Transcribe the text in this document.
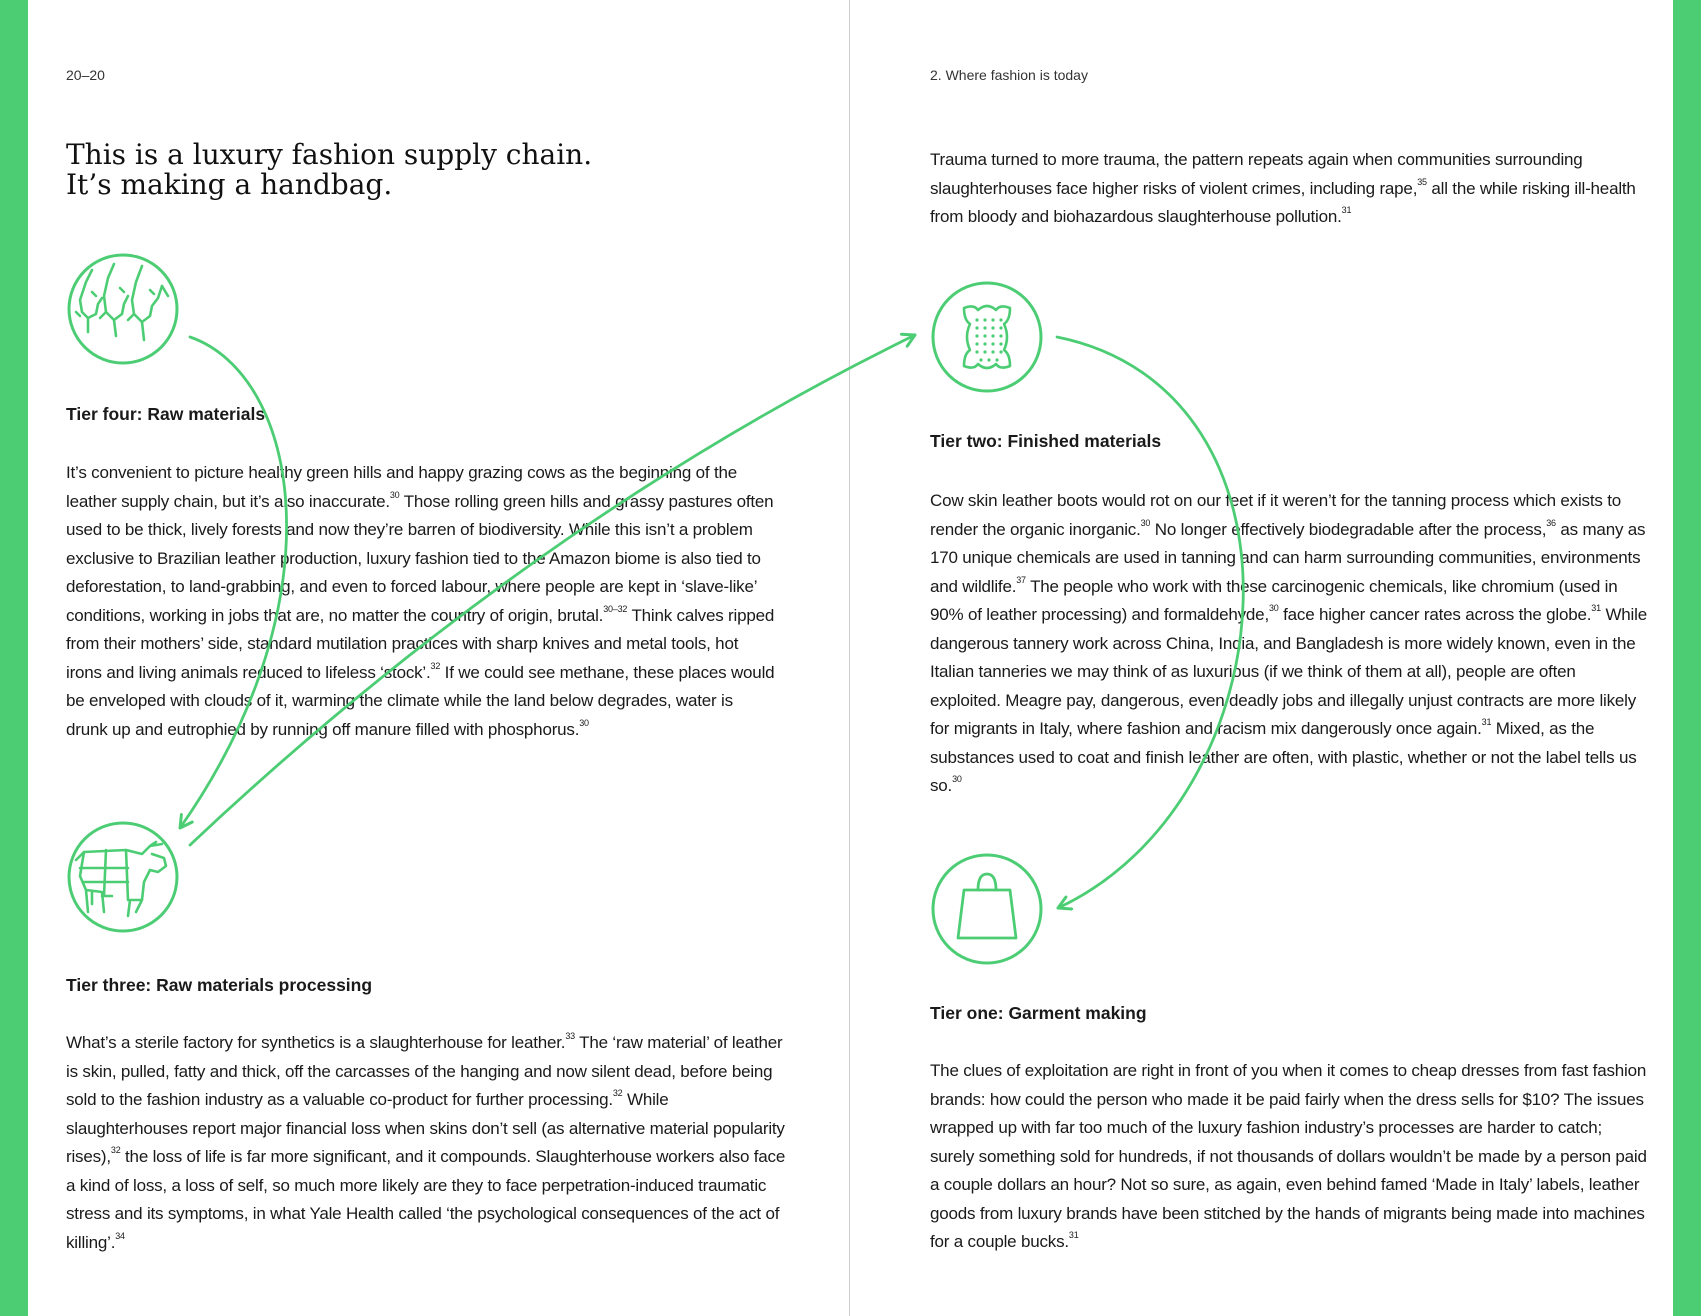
20–20
This is a luxury fashion supply chain.
It’s making a handbag.
Tier four: Raw materials

It’s convenient to picture healthy green hills and happy grazing cows as the beginning of the leather supply chain, but it’s also inaccurate.$^{30}$ Those rolling green hills and grassy pastures often used to be thick, lively forests and now they’re barren of biodiversity. While this isn’t a problem exclusive to Brazilian leather production, luxury fashion tied to the Amazon biome is also tied to deforestation, to land-grabbing, and even to forced labour, where people are kept in ‘slave-like’ conditions, working in jobs that are, no matter the country of origin, brutal.$^{30-32}$ Think calves ripped from their mothers’ side, standard mutilation practices with sharp knives and metal tools, hot irons and living animals reduced to lifeless ‘stock’.$^{32}$ If we could see methane, these places would be enveloped with clouds of it, warming the climate while the land below degrades, water is drunk up and eutrophied by running off manure filled with phosphorus.$^{30}$

Tier three: Raw materials processing

What’s a sterile factory for synthetics is a slaughterhouse for leather.$^{33}$ The ‘raw material’ of leather is skin, pulled, fatty and thick, off the carcasses of the hanging and now silent dead, before being sold to the fashion industry as a valuable co-product for further processing.$^{32}$ While slaughterhouses report major financial loss when skins don’t sell (as alternative material popularity rises),$^{32}$ the loss of life is far more significant, and it compounds. Slaughterhouse workers also face a kind of loss, a loss of self, so much more likely are they to face perpetration-induced traumatic stress and its symptoms, in what Yale Health called ‘the psychological consequences of the act of killing’.$^{34}$

2. Where fashion is today

Trauma turned to more trauma, the pattern repeats again when communities surrounding slaughterhouses face higher risks of violent crimes, including rape,$^{35}$ all the while risking ill-health from bloody and biohazardous slaughterhouse pollution.$^{31}$

Tier two: Finished materials

Cow skin leather boots would rot on our feet if it weren’t for the tanning process which exists to render the organic inorganic.$^{30}$ No longer effectively biodegradable after the process,$^{36}$ as many as 170 unique chemicals are used in tanning and can harm surrounding communities, environments and wildlife.$^{37}$ The people who work with these carcinogenic chemicals, like chromium (used in 90% of leather processing) and formaldehyde,$^{30}$ face higher cancer rates across the globe.$^{31}$ While dangerous tannery work across China, India, and Bangladesh is more widely known, even in the Italian tanneries we may think of as luxurious (if we think of them at all), people are often exploited. Meagre pay, dangerous, even deadly jobs and illegally unjust contracts are more likely for migrants in Italy, where fashion and racism mix dangerously once again.$^{31}$ Mixed, as the substances used to coat and finish leather are often, with plastic, whether or not the label tells us so.$^{30}$

Tier one: Garment making

The clues of exploitation are right in front of you when it comes to cheap dresses from fast fashion brands: how could the person who made it be paid fairly when the dress sells for $10? The issues wrapped up with far too much of the luxury fashion industry’s processes are harder to catch; surely something sold for hundreds, if not thousands of dollars wouldn’t be made by a person paid a couple dollars an hour? Not so sure, as again, even behind famed ‘Made in Italy’ labels, leather goods from luxury brands have been stitched by the hands of migrants being made into machines for a couple bucks.$^{31}$
